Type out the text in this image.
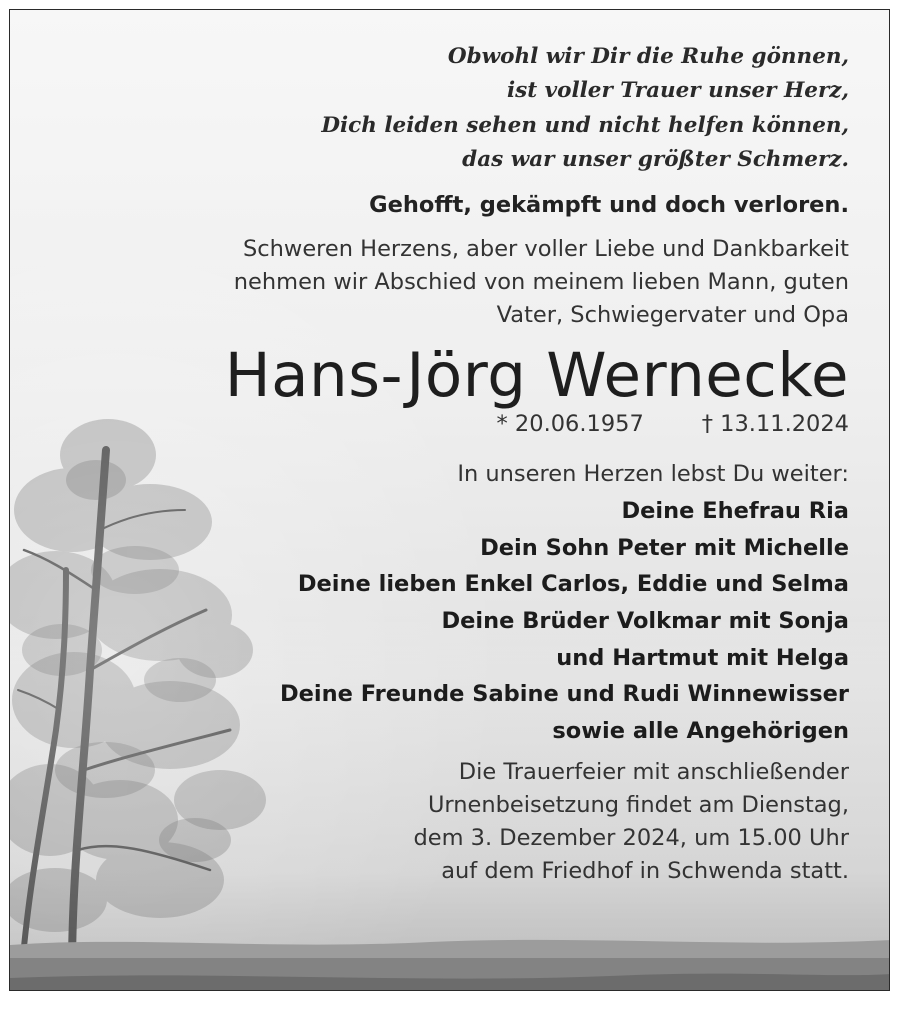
Obwohl wir Dir die Ruhe gönnen,
ist voller Trauer unser Herz,
Dich leiden sehen und nicht helfen können,
das war unser größter Schmerz.
Gehofft, gekämpft und doch verloren.
Schweren Herzens, aber voller Liebe und Dankbarkeit
nehmen wir Abschied von meinem lieben Mann, guten
Vater, Schwiegervater und Opa
Hans-Jörg Wernecke
* 20.06.1957	† 13.11.2024
In unseren Herzen lebst Du weiter:
Deine Ehefrau Ria
Dein Sohn Peter mit Michelle
Deine lieben Enkel Carlos, Eddie und Selma
Deine Brüder Volkmar mit Sonja
und Hartmut mit Helga
Deine Freunde Sabine und Rudi Winnewisser
sowie alle Angehörigen
Die Trauerfeier mit anschließender
Urnenbeisetzung findet am Dienstag,
dem 3. Dezember 2024, um 15.00 Uhr
auf dem Friedhof in Schwenda statt.
